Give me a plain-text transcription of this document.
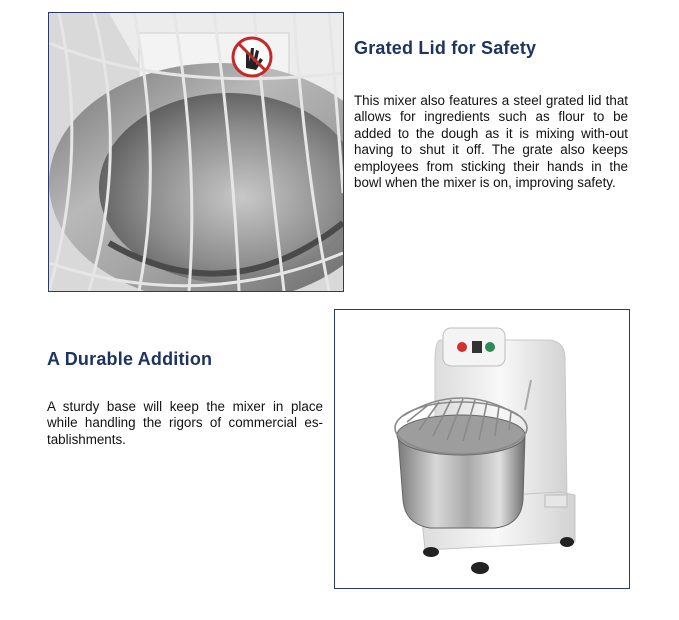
Grated Lid for Safety

This mixer also features a steel grated lid that allows for ingredients such as flour to be added to the dough as it is mixing with-out having to shut it off. The grate also keeps employees from sticking their hands in the bowl when the mixer is on, improving safety.

A Durable Addition

A sturdy base will keep the mixer in place while handling the rigors of commercial es-tablishments.
